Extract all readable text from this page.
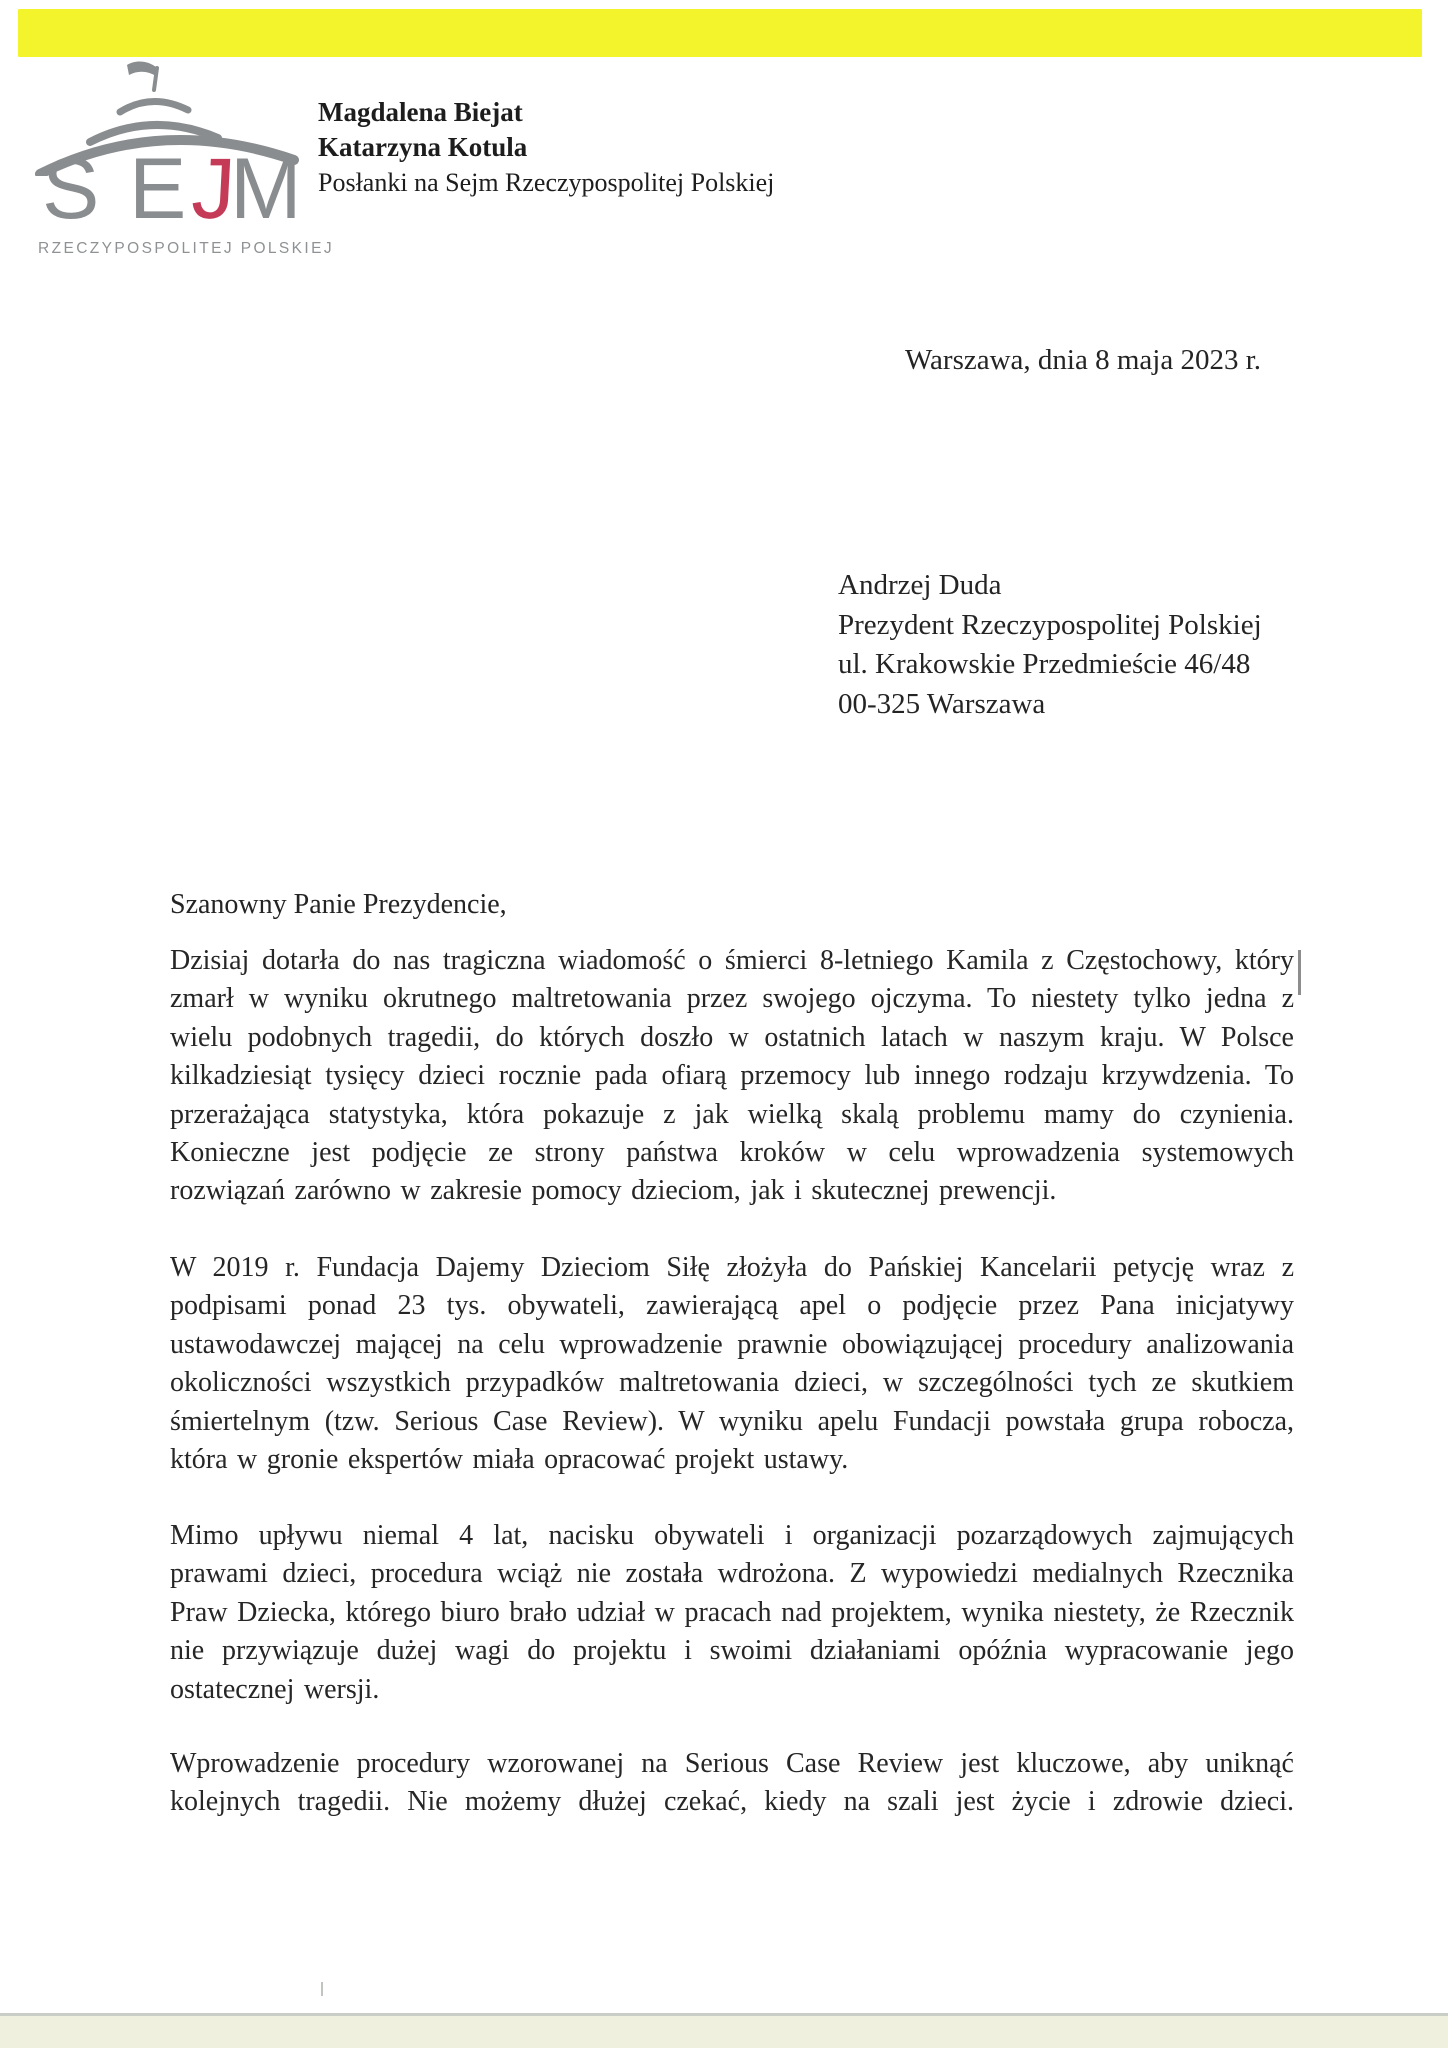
S E J
M
RZECZYPOSPOLITEJ POLSKIEJ
Magdalena Biejat
Katarzyna Kotula
Posłanki na Sejm Rzeczypospolitej Polskiej
Warszawa, dnia 8 maja 2023 r.
Andrzej Duda
Prezydent Rzeczypospolitej Polskiej
ul. Krakowskie Przedmieście 46/48
00-325 Warszawa
Szanowny Panie Prezydencie,
Dzisiaj dotarła do nas tragiczna wiadomość o śmierci 8-letniego Kamila z Częstochowy, który zmarł w wyniku okrutnego maltretowania przez swojego ojczyma. To niestety tylko jedna z wielu podobnych tragedii, do których doszło w ostatnich latach w naszym kraju. W Polsce kilkadziesiąt tysięcy dzieci rocznie pada ofiarą przemocy lub innego rodzaju krzywdzenia. To przerażająca statystyka, która pokazuje z jak wielką skalą problemu mamy do czynienia. Konieczne jest podjęcie ze strony państwa kroków w celu wprowadzenia systemowych rozwiązań zarówno w zakresie pomocy dzieciom, jak i skutecznej prewencji.
W 2019 r. Fundacja Dajemy Dzieciom Siłę złożyła do Pańskiej Kancelarii petycję wraz z podpisami ponad 23 tys. obywateli, zawierającą apel o podjęcie przez Pana inicjatywy ustawodawczej mającej na celu wprowadzenie prawnie obowiązującej procedury analizowania okoliczności wszystkich przypadków maltretowania dzieci, w szczególności tych ze skutkiem śmiertelnym (tzw. Serious Case Review). W wyniku apelu Fundacji powstała grupa robocza, która w gronie ekspertów miała opracować projekt ustawy.
Mimo upływu niemal 4 lat, nacisku obywateli i organizacji pozarządowych zajmujących prawami dzieci, procedura wciąż nie została wdrożona. Z wypowiedzi medialnych Rzecznika Praw Dziecka, którego biuro brało udział w pracach nad projektem, wynika niestety, że Rzecznik nie przywiązuje dużej wagi do projektu i swoimi działaniami opóźnia wypracowanie jego ostatecznej wersji.
Wprowadzenie procedury wzorowanej na Serious Case Review jest kluczowe, aby uniknąć kolejnych tragedii. Nie możemy dłużej czekać, kiedy na szali jest życie i zdrowie dzieci.
